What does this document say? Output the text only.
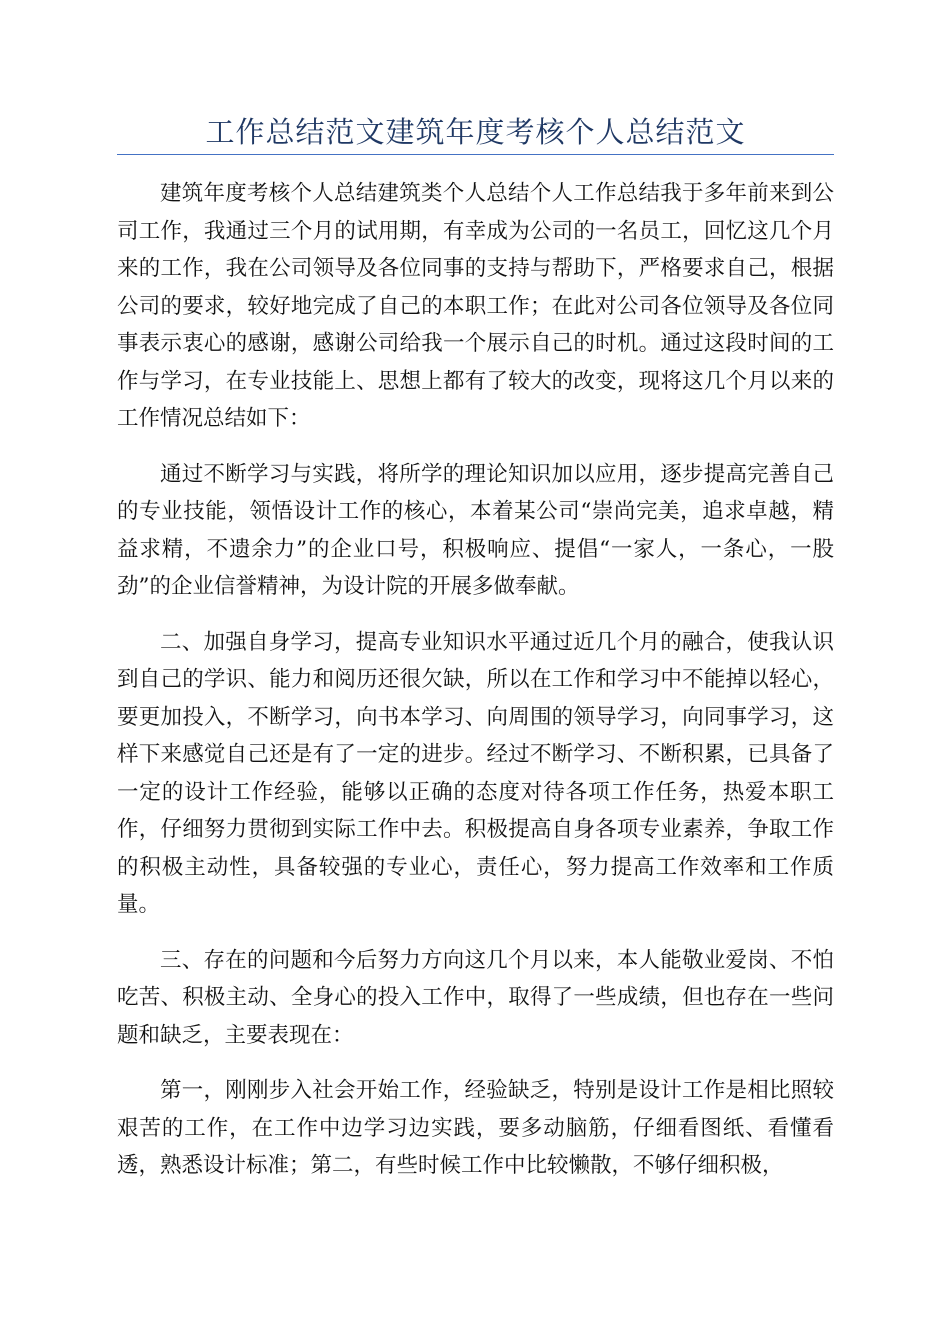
工作总结范文建筑年度考核个人总结范文

建筑年度考核个人总结建筑类个人总结个人工作总结我于多年前来到公司工作，我通过三个月的试用期，有幸成为公司的一名员工，回忆这几个月来的工作，我在公司领导及各位同事的支持与帮助下，严格要求自己，根据公司的要求，较好地完成了自己的本职工作；在此对公司各位领导及各位同事表示衷心的感谢，感谢公司给我一个展示自己的时机。通过这段时间的工作与学习，在专业技能上、思想上都有了较大的改变，现将这几个月以来的工作情况总结如下：

通过不断学习与实践，将所学的理论知识加以应用，逐步提高完善自己的专业技能，领悟设计工作的核心，本着某公司“崇尚完美，追求卓越，精益求精，不遗余力”的企业口号，积极响应、提倡“一家人，一条心，一股劲”的企业信誉精神，为设计院的开展多做奉献。

二、加强自身学习，提高专业知识水平通过近几个月的融合，使我认识到自己的学识、能力和阅历还很欠缺，所以在工作和学习中不能掉以轻心，要更加投入，不断学习，向书本学习、向周围的领导学习，向同事学习，这样下来感觉自己还是有了一定的进步。经过不断学习、不断积累，已具备了一定的设计工作经验，能够以正确的态度对待各项工作任务，热爱本职工作，仔细努力贯彻到实际工作中去。积极提高自身各项专业素养，争取工作的积极主动性，具备较强的专业心，责任心，努力提高工作效率和工作质量。

三、存在的问题和今后努力方向这几个月以来，本人能敬业爱岗、不怕吃苦、积极主动、全身心的投入工作中，取得了一些成绩，但也存在一些问题和缺乏，主要表现在：

第一，刚刚步入社会开始工作，经验缺乏，特别是设计工作是相比照较艰苦的工作，在工作中边学习边实践，要多动脑筋，仔细看图纸、看懂看透，熟悉设计标准；第二，有些时候工作中比较懒散，不够仔细积极，
